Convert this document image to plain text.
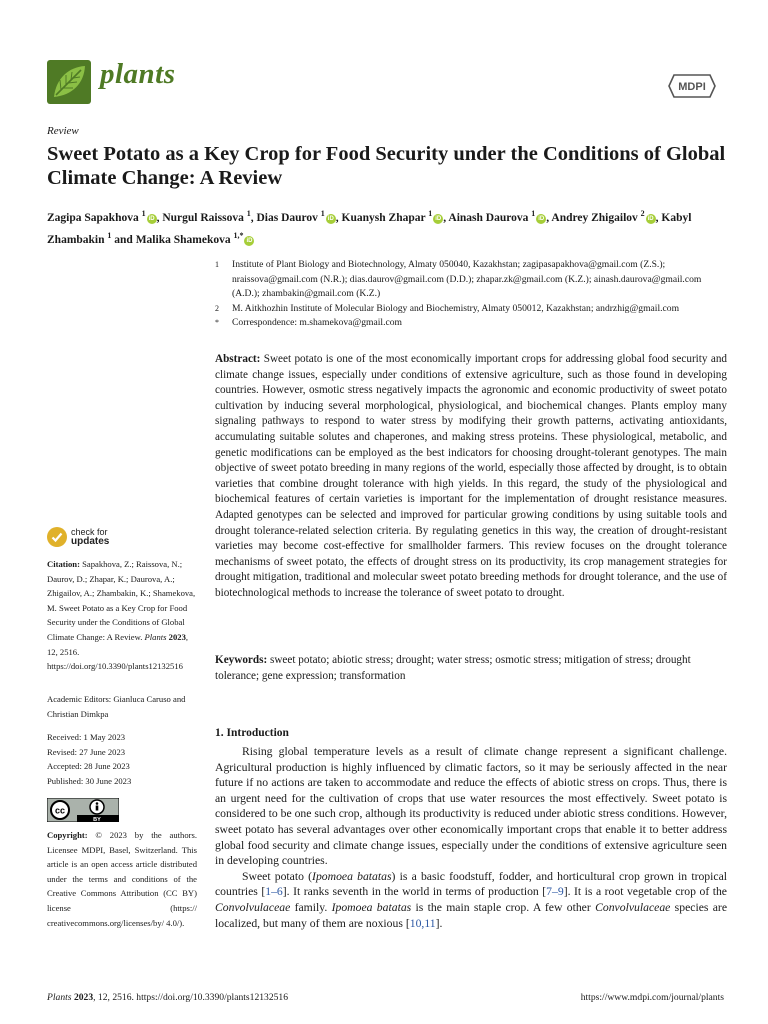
plants	MDPI
Review
Sweet Potato as a Key Crop for Food Security under the Conditions of Global Climate Change: A Review
Zagipa Sapakhova $^1$iD , Nurgul Raissova $^1$, Dias Daurov $^1$iD , Kuanysh Zhapar $^1$iD , Ainash Daurova $^1$iD , Andrey Zhigailov $^2$iD , Kabyl Zhambakin $^1$ and Malika Shamekova $^{1,*}$iD
1 Institute of Plant Biology and Biotechnology, Almaty 050040, Kazakhstan; zagipasapakhova@gmail.com (Z.S.); nraissova@gmail.com (N.R.); dias.daurov@gmail.com (D.D.); zhapar.zk@gmail.com (K.Z.); ainash.daurova@gmail.com (A.D.); zhambakin@gmail.com (K.Z.)
2 M. Aitkhozhin Institute of Molecular Biology and Biochemistry, Almaty 050012, Kazakhstan; andrzhig@gmail.com
* Correspondence: m.shamekova@gmail.com
Abstract: Sweet potato is one of the most economically important crops for addressing global food security and climate change issues, especially under conditions of extensive agriculture, such as those found in developing countries. However, osmotic stress negatively impacts the agronomic and economic productivity of sweet potato cultivation by inducing several morphological, physiological, and biochemical changes. Plants employ many signaling pathways to respond to water stress by modifying their growth patterns, activating antioxidants, accumulating suitable solutes and chaperones, and making stress proteins. These physiological, metabolic, and genetic modifications can be employed as the best indicators for choosing drought-tolerant genotypes. The main objective of sweet potato breeding in many regions of the world, especially those affected by drought, is to obtain varieties that combine drought tolerance with high yields. In this regard, the study of the physiological and biochemical features of certain varieties is important for the implementation of drought resistance measures. Adapted genotypes can be selected and improved for particular growing conditions by using suitable tools and drought tolerance-related selection criteria. By regulating genetics in this way, the creation of drought-resistant varieties may become cost-effective for smallholder farmers. This review focuses on the drought tolerance mechanisms of sweet potato, the effects of drought stress on its productivity, its crop management strategies for drought mitigation, traditional and molecular sweet potato breeding methods for drought tolerance, and the use of biotechnological methods to increase the tolerance of sweet potato to drought.
Keywords: sweet potato; abiotic stress; drought; water stress; osmotic stress; mitigation of stress; drought tolerance; gene expression; transformation
check for
updates
Citation: Sapakhova, Z.; Raissova, N.; Daurov, D.; Zhapar, K.; Daurova, A.; Zhigailov, A.; Zhambakin, K.; Shamekova, M. Sweet Potato as a Key Crop for Food Security under the Conditions of Global Climate Change: A Review. Plants 2023, 12, 2516. https://doi.org/10.3390/plants12132516
Academic Editors: Gianluca Caruso and Christian Dimkpa
Received: 1 May 2023
Revised: 27 June 2023
Accepted: 28 June 2023
Published: 30 June 2023
cc
BY
Copyright: © 2023 by the authors. Licensee MDPI, Basel, Switzerland. This article is an open access article distributed under the terms and conditions of the Creative Commons Attribution (CC BY) license (https:// creativecommons.org/licenses/by/ 4.0/).
1. Introduction

Rising global temperature levels as a result of climate change represent a significant challenge. Agricultural production is highly influenced by climatic factors, so it may be seriously affected in the near future if no actions are taken to accommodate and reduce the effects of abiotic stress on crops. Thus, there is an urgent need for the cultivation of crops that use water resources the most effectively. Sweet potato is considered to be one such crop, although its productivity is reduced under abiotic stress conditions. However, sweet potato has several advantages over other economically important crops that enable it to better address global food security and climate change issues, especially under the conditions of extensive agriculture seen in developing countries.

Sweet potato (Ipomoea batatas) is a basic foodstuff, fodder, and horticultural crop grown in tropical countries [1–6]. It ranks seventh in the world in terms of production [7–9]. It is a root vegetable crop of the Convolvulaceae family. Ipomoea batatas is the main staple crop. A few other Convolvulaceae species are localized, but many of them are noxious [10,11].

Plants 2023, 12, 2516. https://doi.org/10.3390/plants12132516	https://www.mdpi.com/journal/plants
